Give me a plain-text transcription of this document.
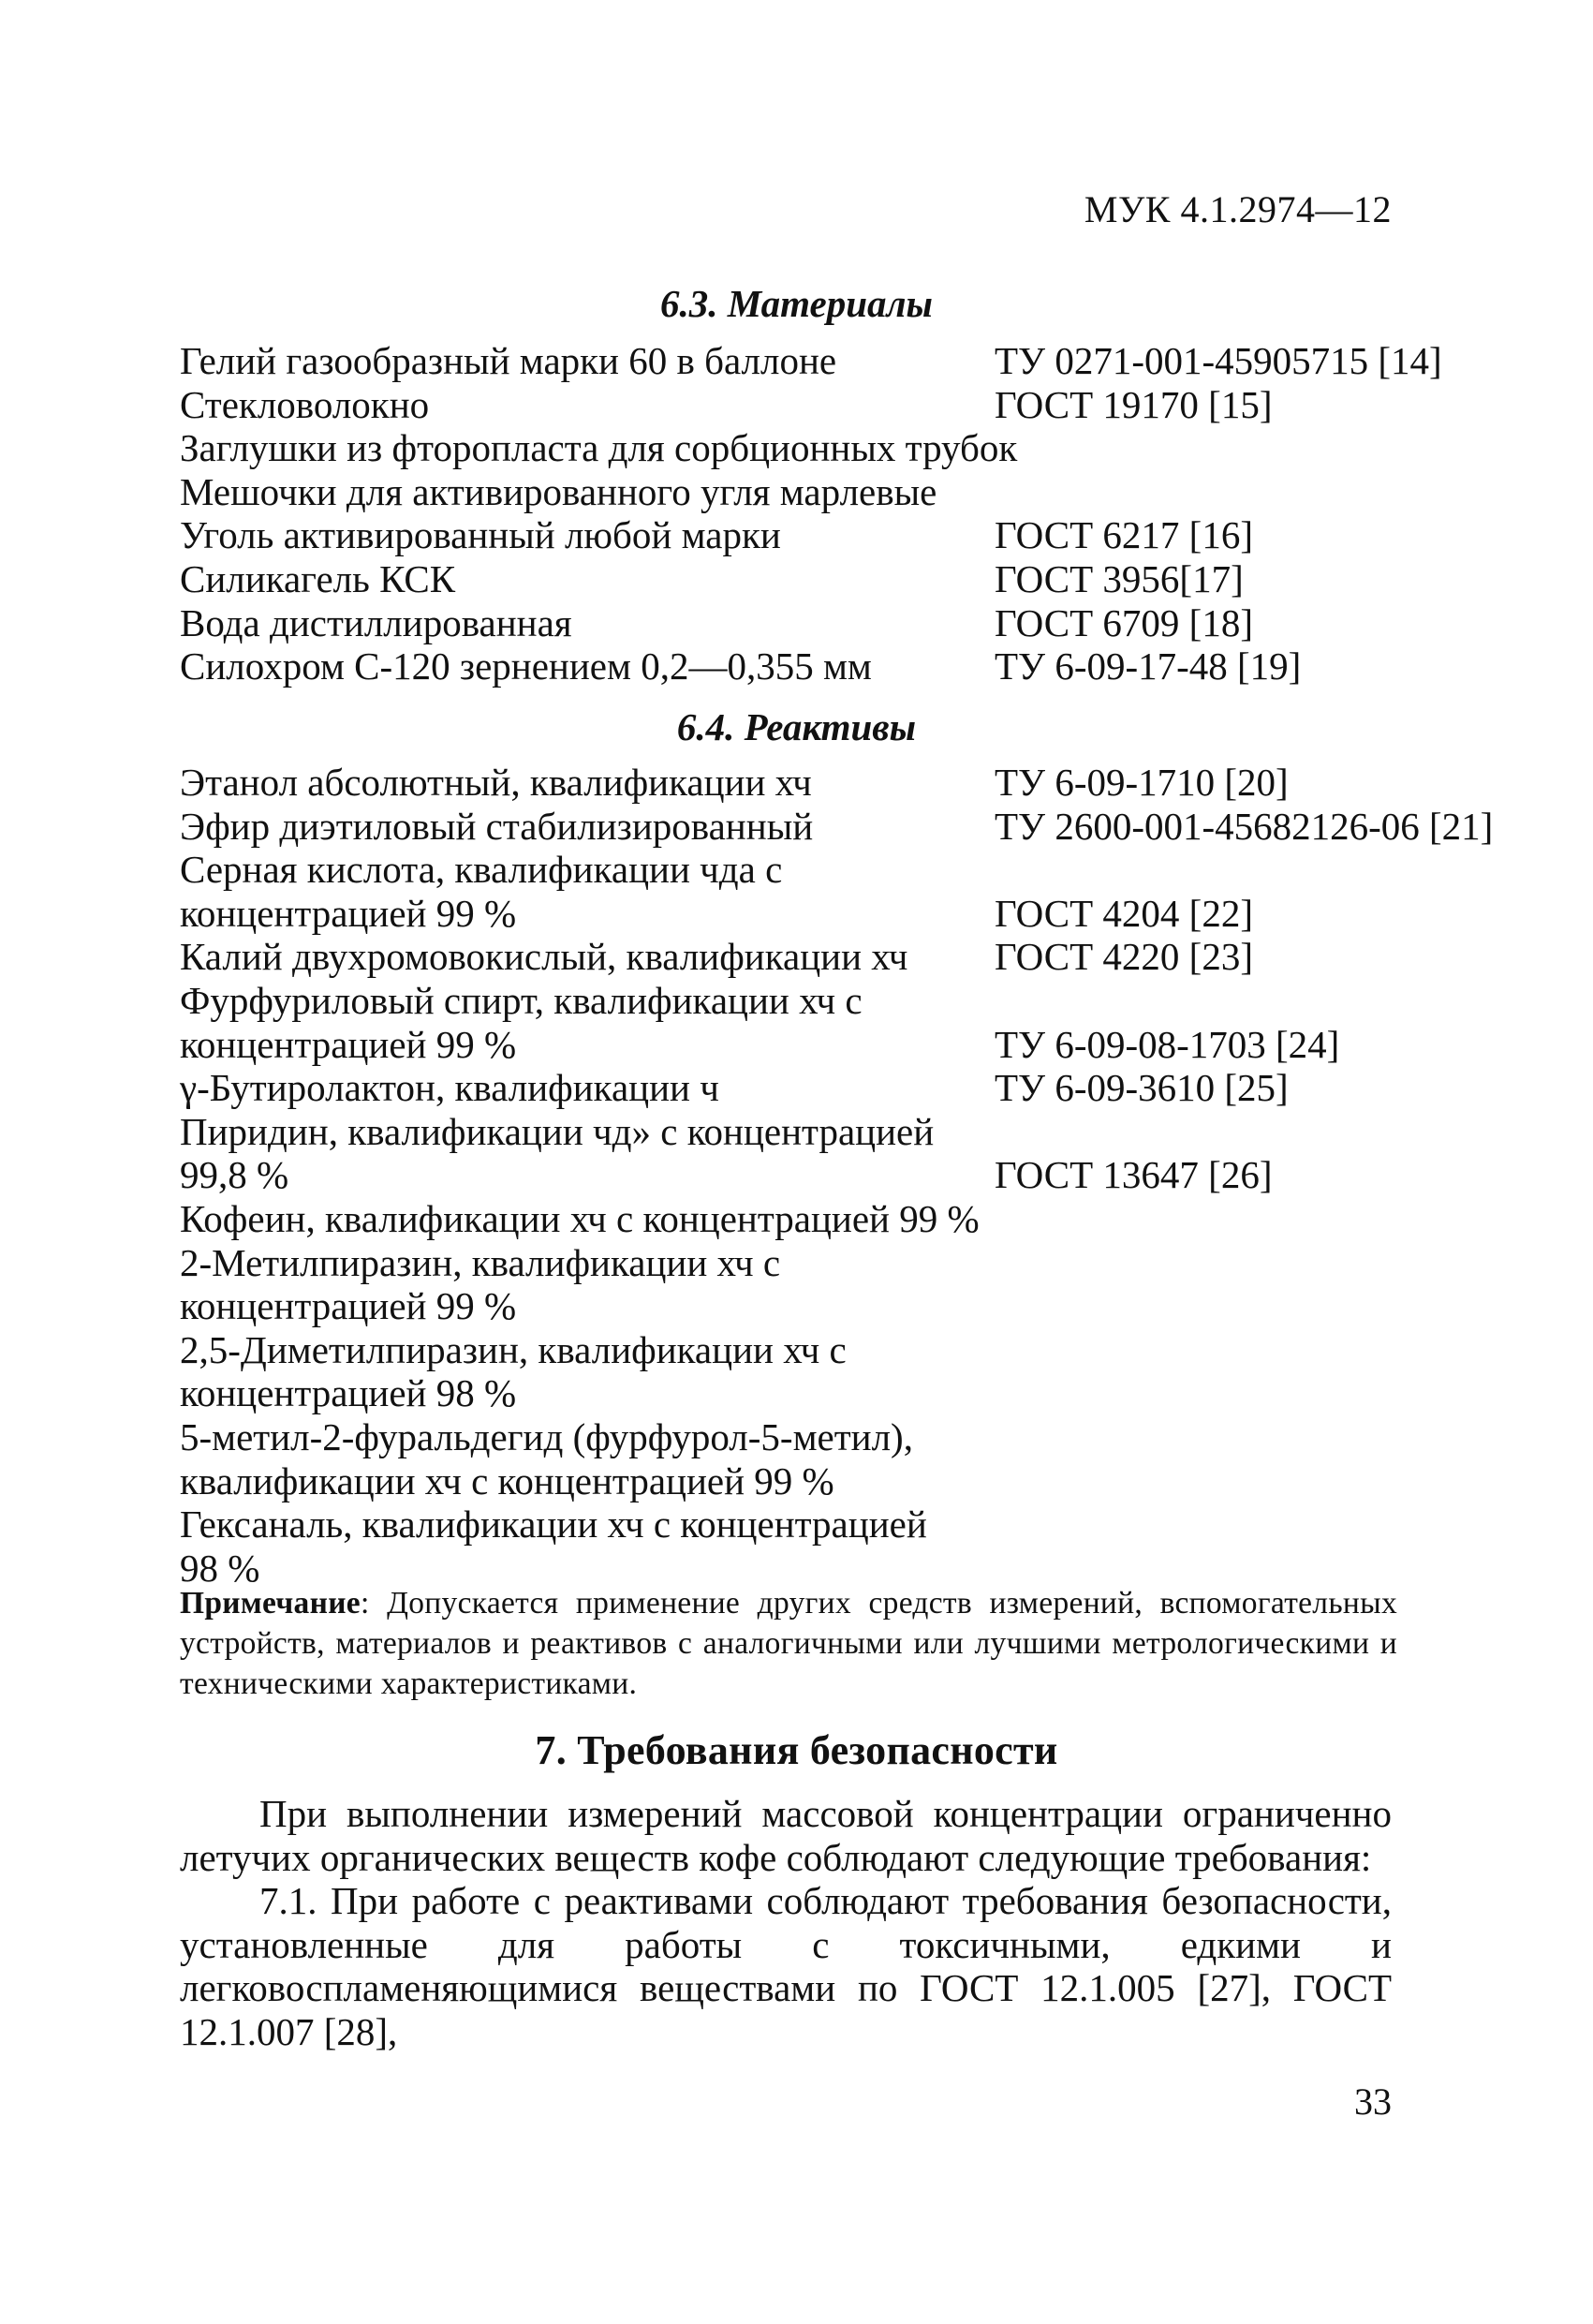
МУК 4.1.2974—12
6.3. Материалы
Гелий газообразный марки 60 в баллоне	ТУ 0271-001-45905715 [14]
Стекловолокно	ГОСТ 19170 [15]
Заглушки из фторопласта для сорбционных трубок
Мешочки для активированного угля марлевые
Уголь активированный любой марки	ГОСТ 6217 [16]
Силикагель КСК	ГОСТ 3956[17]
Вода дистиллированная	ГОСТ 6709 [18]
Силохром С-120 зернением 0,2—0,355 мм	ТУ 6-09-17-48 [19]
6.4. Реактивы
Этанол абсолютный, квалификации хч	ТУ 6-09-1710 [20]
Эфир диэтиловый стабилизированный	ТУ 2600-001-45682126-06 [21]
Серная кислота, квалификации чда с
концентрацией 99 %	ГОСТ 4204 [22]
Калий двухромовокислый, квалификации хч ГОСТ 4220 [23]
Фурфуриловый спирт, квалификации хч с
концентрацией 99 %	ТУ 6-09-08-1703 [24]
γ-Бутиролактон, квалификации ч	ТУ 6-09-3610 [25]
Пиридин, квалификации чд» с концентрацией
99,8 %	ГОСТ 13647 [26]
Кофеин, квалификации хч с концентрацией 99 %
2-Метилпиразин, квалификации хч с
концентрацией 99 %
2,5-Диметилпиразин, квалификации хч с
концентрацией 98 %
5-метил-2-фуральдегид (фурфурол-5-метил),
квалификации хч с концентрацией 99 %
Гексаналь, квалификации хч с концентрацией
98 %
Примечание: Допускается применение других средств измерений, вспомогательных устройств, материалов и реактивов с аналогичными или лучшими метрологическими и техническими характеристиками.
7. Требования безопасности
При выполнении измерений массовой концентрации ограниченно летучих органических веществ кофе соблюдают следующие требования:
7.1. При работе с реактивами соблюдают требования безопасности, установленные для работы с токсичными, едкими и легковоспламеняющимися веществами по ГОСТ 12.1.005 [27], ГОСТ 12.1.007 [28],
33
